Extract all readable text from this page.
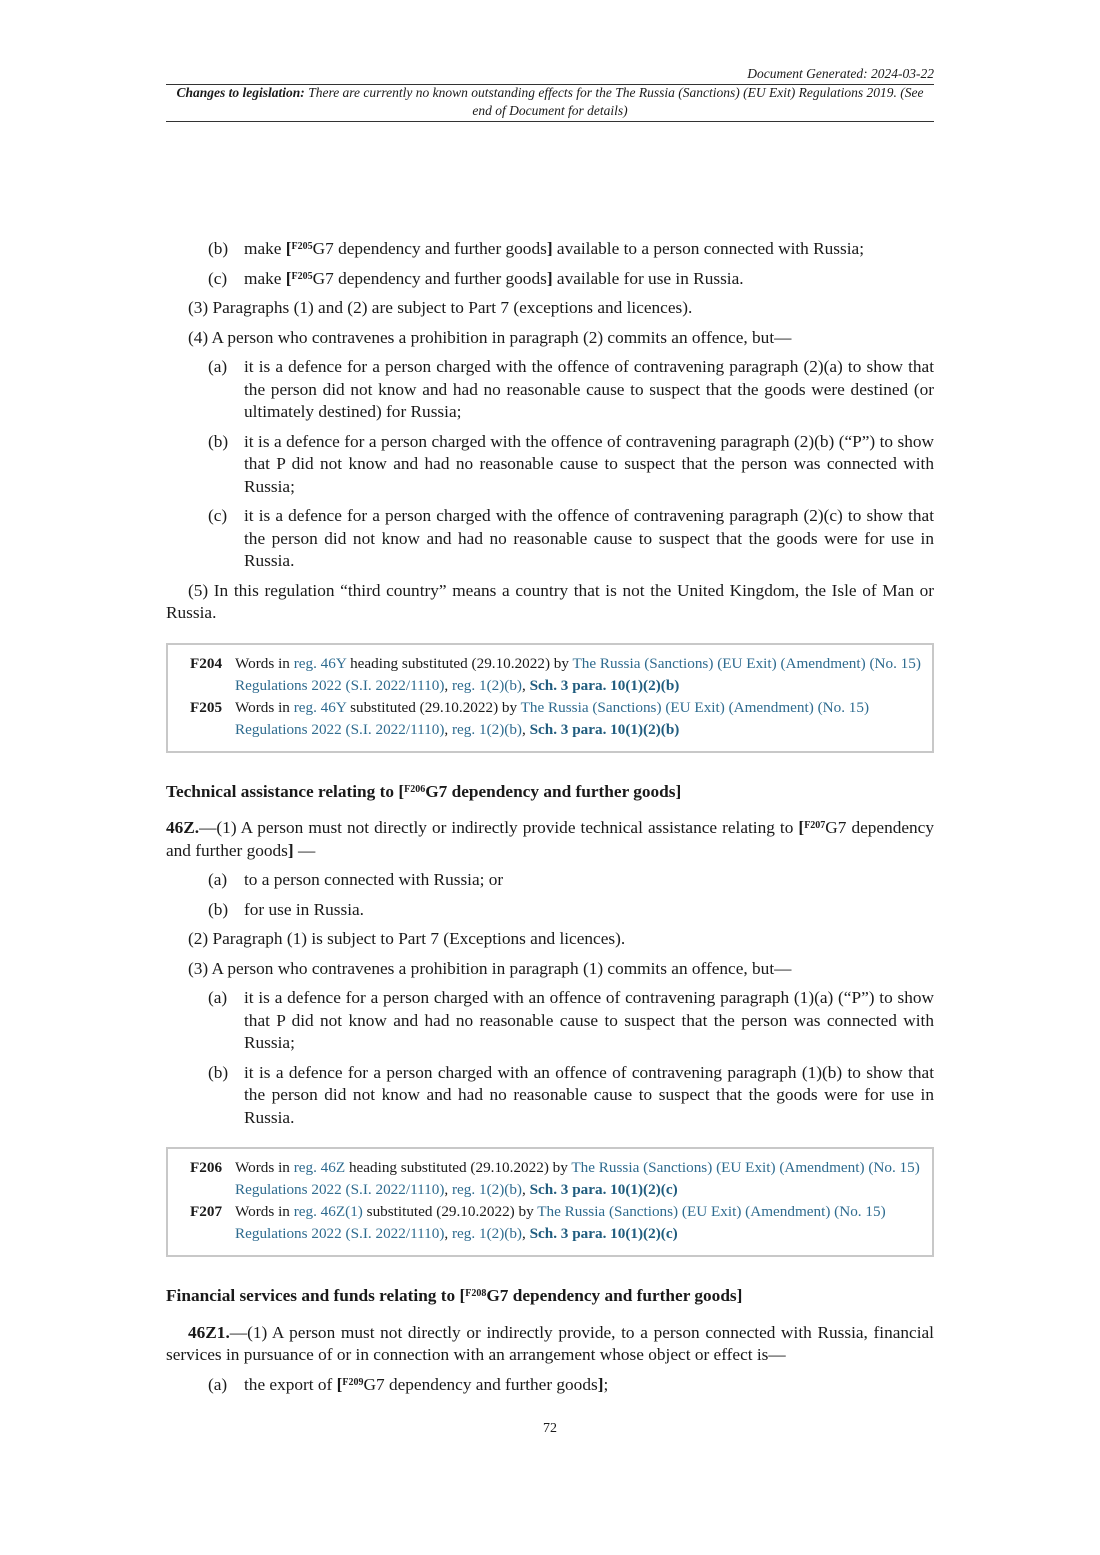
Document Generated: 2024-03-22
Changes to legislation: There are currently no known outstanding effects for the The Russia (Sanctions) (EU Exit) Regulations 2019. (See end of Document for details)
(b) make [$^{F205}$G7 dependency and further goods] available to a person connected with Russia;
(c) make [$^{F205}$G7 dependency and further goods] available for use in Russia.
(3) Paragraphs (1) and (2) are subject to Part 7 (exceptions and licences).
(4) A person who contravenes a prohibition in paragraph (2) commits an offence, but—
(a) it is a defence for a person charged with the offence of contravening paragraph (2)(a) to show that the person did not know and had no reasonable cause to suspect that the goods were destined (or ultimately destined) for Russia;
(b) it is a defence for a person charged with the offence of contravening paragraph (2)(b) (“P”) to show that P did not know and had no reasonable cause to suspect that the person was connected with Russia;
(c) it is a defence for a person charged with the offence of contravening paragraph (2)(c) to show that the person did not know and had no reasonable cause to suspect that the goods were for use in Russia.
(5) In this regulation “third country” means a country that is not the United Kingdom, the Isle of Man or Russia.
F204 Words in reg. 46Y heading substituted (29.10.2022) by The Russia (Sanctions) (EU Exit) (Amendment) (No. 15) Regulations 2022 (S.I. 2022/1110), reg. 1(2)(b), Sch. 3 para. 10(1)(2)(b)
F205 Words in reg. 46Y substituted (29.10.2022) by The Russia (Sanctions) (EU Exit) (Amendment) (No. 15) Regulations 2022 (S.I. 2022/1110), reg. 1(2)(b), Sch. 3 para. 10(1)(2)(b)
Technical assistance relating to [$^{F206}$G7 dependency and further goods]
46Z.—(1) A person must not directly or indirectly provide technical assistance relating to [$^{F207}$G7 dependency and further goods] —
(a) to a person connected with Russia; or
(b) for use in Russia.
(2) Paragraph (1) is subject to Part 7 (Exceptions and licences).
(3) A person who contravenes a prohibition in paragraph (1) commits an offence, but—
(a) it is a defence for a person charged with an offence of contravening paragraph (1)(a) (“P”) to show that P did not know and had no reasonable cause to suspect that the person was connected with Russia;
(b) it is a defence for a person charged with an offence of contravening paragraph (1)(b) to show that the person did not know and had no reasonable cause to suspect that the goods were for use in Russia.
F206 Words in reg. 46Z heading substituted (29.10.2022) by The Russia (Sanctions) (EU Exit) (Amendment) (No. 15) Regulations 2022 (S.I. 2022/1110), reg. 1(2)(b), Sch. 3 para. 10(1)(2)(c)
F207 Words in reg. 46Z(1) substituted (29.10.2022) by The Russia (Sanctions) (EU Exit) (Amendment) (No. 15) Regulations 2022 (S.I. 2022/1110), reg. 1(2)(b), Sch. 3 para. 10(1)(2)(c)
Financial services and funds relating to [$^{F208}$G7 dependency and further goods]
46Z1.—(1) A person must not directly or indirectly provide, to a person connected with Russia, financial services in pursuance of or in connection with an arrangement whose object or effect is—
(a) the export of [$^{F209}$G7 dependency and further goods];
72
